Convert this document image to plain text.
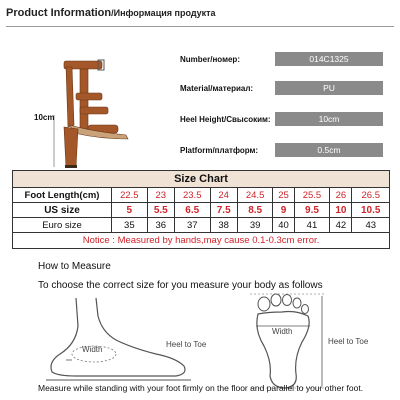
Product Information/Информация продукта
10cm
Number/номер:	014C1325
Material/материал:	PU
Heel Height/Свысоким:	10cm
Platform/платформ:	0.5cm
Size Chart									
Foot Length(cm)	22.5	23	23.5	24	24.5	25	25.5	26	26.5
US size	5	5.5	6.5	7.5	8.5	9	9.5	10	10.5
Euro size	35	36	37	38	39	40	41	42	43
Notice : Measured by hands,may cause 0.1-0.3cm error.									
How to Measure
To choose the correct size for you measure your body as follows
Width
Width
Heel to Toe
Heel to Toe
Measure while standing with your foot firmly on the floor and parallel to your other foot.
